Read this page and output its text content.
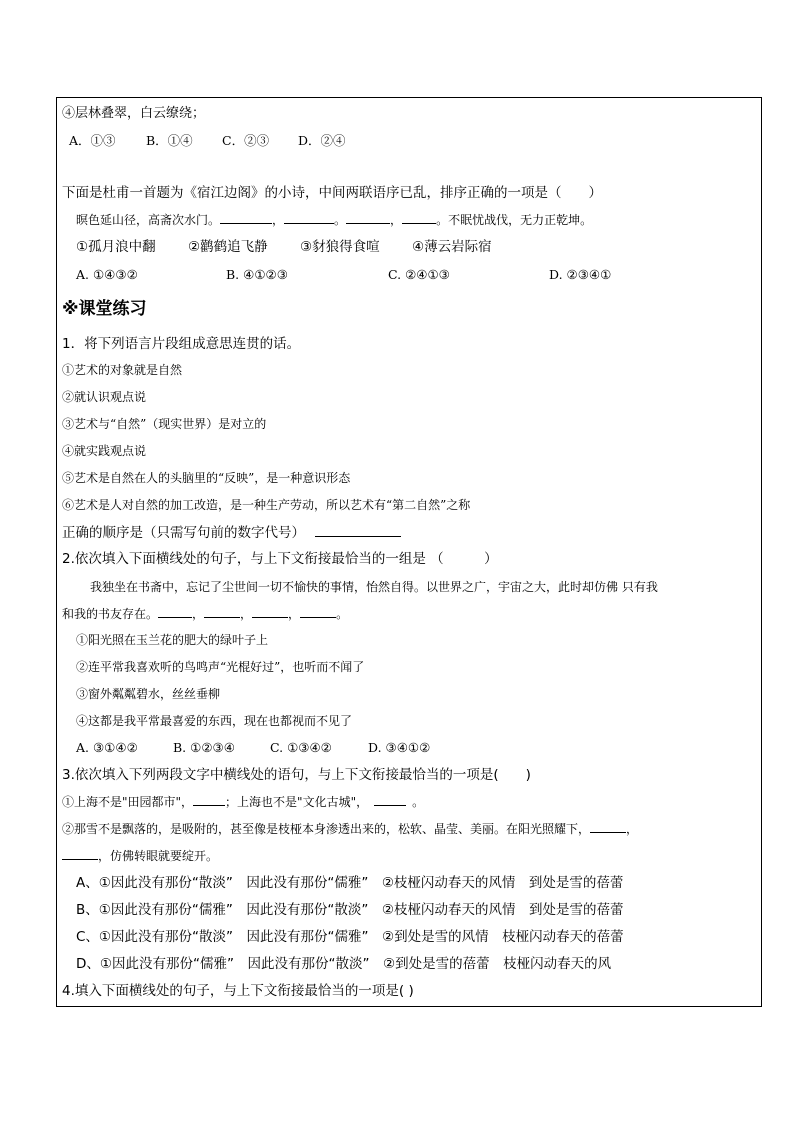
④层林叠翠，白云缭绕；
A．①③ B．①④ C．②③ D．②④
下面是杜甫一首题为《宿江边阁》的小诗，中间两联语序已乱，排序正确的一项是（　　）
暝色延山径，高斋次水门。	，	。	，	。不眠忧战伐，无力正乾坤。
①孤月浪中翻 ②鹳鹤追飞静 ③豺狼得食喧 ④薄云岩际宿
A. ①④③②	B. ④①②③	C. ②④①③	D. ②③④①
※课堂练习
1．将下列语言片段组成意思连贯的话。
①艺术的对象就是自然
②就认识观点说
③艺术与“自然”（现实世界）是对立的
④就实践观点说
⑤艺术是自然在人的头脑里的“反映”，是一种意识形态
⑥艺术是人对自然的加工改造，是一种生产劳动，所以艺术有“第二自然”之称
正确的顺序是（只需写句前的数字代号）
2.依次填入下面横线处的句子，与上下文衔接最恰当的一组是 （　　　）
我独坐在书斋中，忘记了尘世间一切不愉快的事情，怡然自得。以世界之广，宇宙之大，此时却仿佛 只有我
和我的书友存在。	，	，	，	。
①阳光照在玉兰花的肥大的绿叶子上
②连平常我喜欢听的鸟鸣声“光棍好过”，也听而不闻了
③窗外粼粼碧水，丝丝垂柳
④这都是我平常最喜爱的东西，现在也都视而不见了
A. ③①④②	B. ①②③④	C. ①③④②	D. ③④①②
3.依次填入下列两段文字中横线处的语句，与上下文衔接最恰当的一项是(　　)
①上海不是"田园都市"，	；上海也不是"文化古城"，	。
②那雪不是飘落的，是吸附的，甚至像是枝桠本身渗透出来的，松软、晶莹、美丽。在阳光照耀下，	，
，仿佛转眼就要绽开。
A、①因此没有那份“散淡”　因此没有那份“儒雅”　②枝桠闪动春天的风情　到处是雪的蓓蕾
B、①因此没有那份“儒雅”　因此没有那份“散淡”　②枝桠闪动春天的风情　到处是雪的蓓蕾
C、①因此没有那份“散淡”　因此没有那份“儒雅”　②到处是雪的风情　枝桠闪动春天的蓓蕾
D、①因此没有那份“儒雅”　因此没有那份“散淡”　②到处是雪的蓓蕾　枝桠闪动春天的风
4.填入下面横线处的句子，与上下文衔接最恰当的一项是( )
